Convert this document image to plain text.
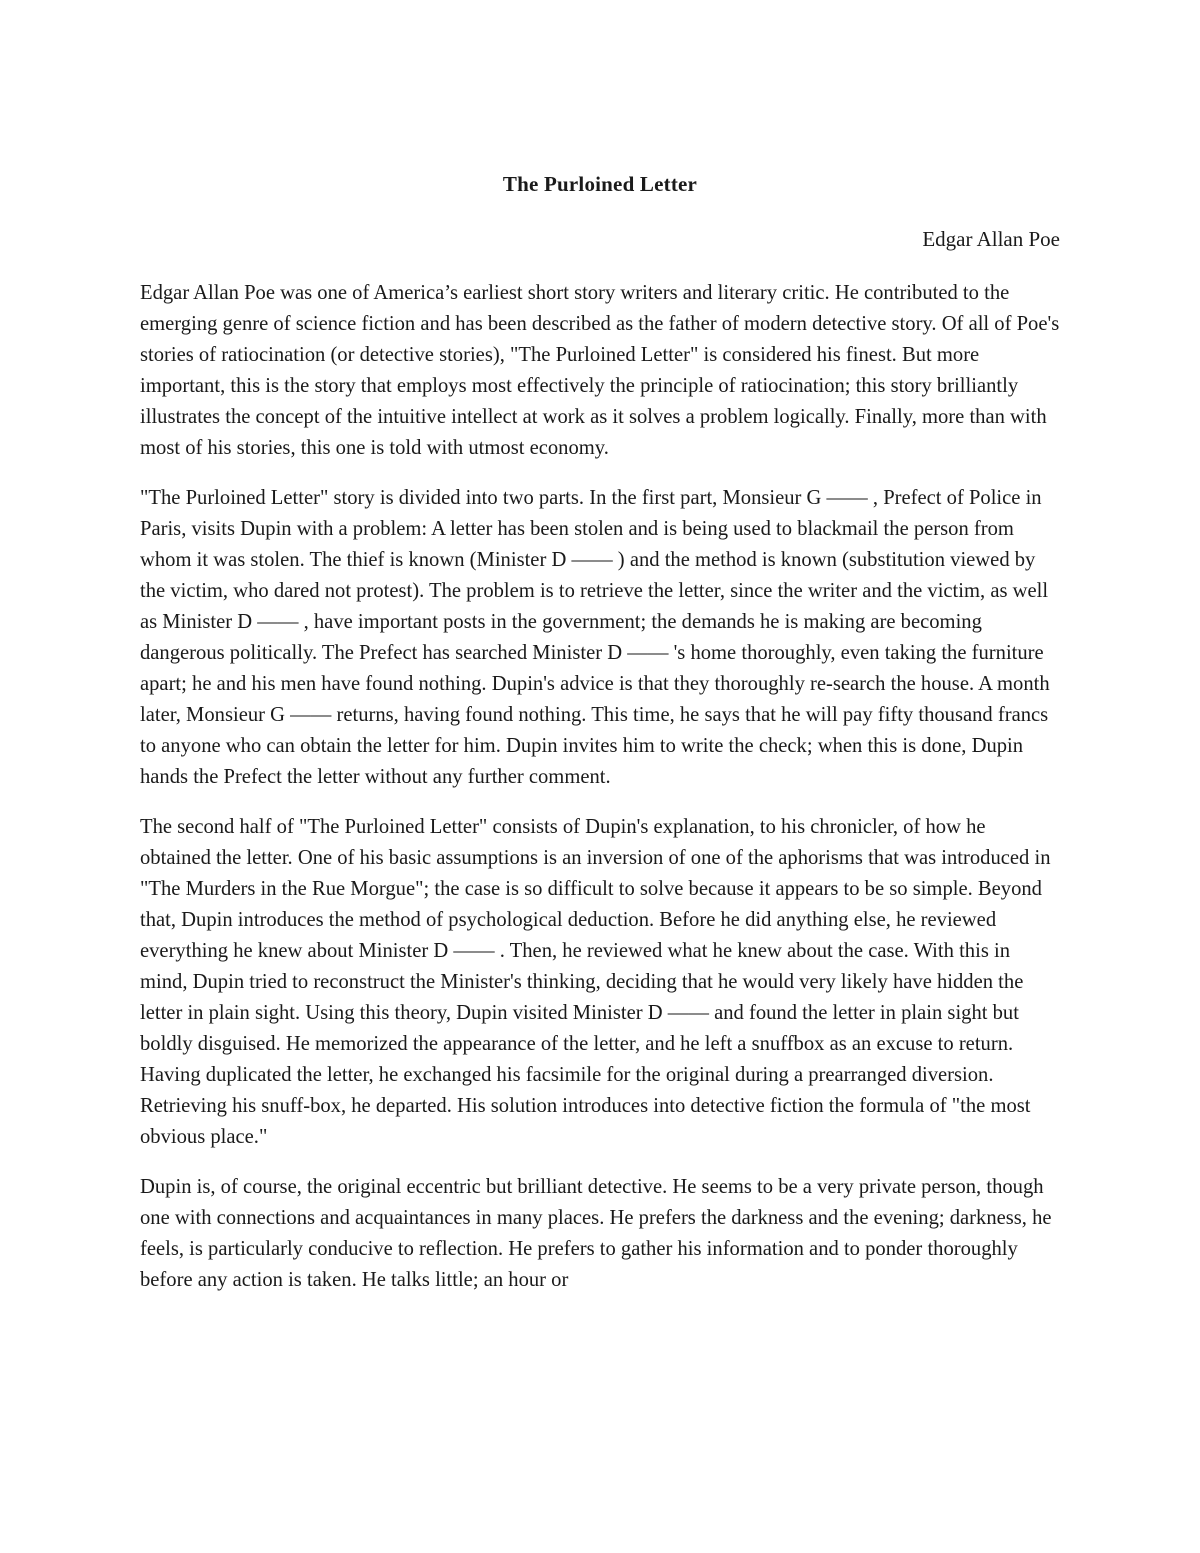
The Purloined Letter
Edgar Allan Poe

Edgar Allan Poe was one of America’s earliest short story writers and literary critic. He contributed to the emerging genre of science fiction and has been described as the father of modern detective story. Of all of Poe's stories of ratiocination (or detective stories), "The Purloined Letter" is considered his finest. But more important, this is the story that employs most effectively the principle of ratiocination; this story brilliantly illustrates the concept of the intuitive intellect at work as it solves a problem logically. Finally, more than with most of his stories, this one is told with utmost economy.

"The Purloined Letter" story is divided into two parts. In the first part, Monsieur G —— , Prefect of Police in Paris, visits Dupin with a problem: A letter has been stolen and is being used to blackmail the person from whom it was stolen. The thief is known (Minister D —— ) and the method is known (substitution viewed by the victim, who dared not protest). The problem is to retrieve the letter, since the writer and the victim, as well as Minister D —— , have important posts in the government; the demands he is making are becoming dangerous politically. The Prefect has searched Minister D —— 's home thoroughly, even taking the furniture apart; he and his men have found nothing. Dupin's advice is that they thoroughly re-search the house. A month later, Monsieur G —— returns, having found nothing. This time, he says that he will pay fifty thousand francs to anyone who can obtain the letter for him. Dupin invites him to write the check; when this is done, Dupin hands the Prefect the letter without any further comment.

The second half of "The Purloined Letter" consists of Dupin's explanation, to his chronicler, of how he obtained the letter. One of his basic assumptions is an inversion of one of the aphorisms that was introduced in "The Murders in the Rue Morgue"; the case is so difficult to solve because it appears to be so simple. Beyond that, Dupin introduces the method of psychological deduction. Before he did anything else, he reviewed everything he knew about Minister D —— . Then, he reviewed what he knew about the case. With this in mind, Dupin tried to reconstruct the Minister's thinking, deciding that he would very likely have hidden the letter in plain sight. Using this theory, Dupin visited Minister D —— and found the letter in plain sight but boldly disguised. He memorized the appearance of the letter, and he left a snuffbox as an excuse to return. Having duplicated the letter, he exchanged his facsimile for the original during a prearranged diversion. Retrieving his snuff-box, he departed. His solution introduces into detective fiction the formula of "the most obvious place."

Dupin is, of course, the original eccentric but brilliant detective. He seems to be a very private person, though one with connections and acquaintances in many places. He prefers the darkness and the evening; darkness, he feels, is particularly conducive to reflection. He prefers to gather his information and to ponder thoroughly before any action is taken. He talks little; an hour or
